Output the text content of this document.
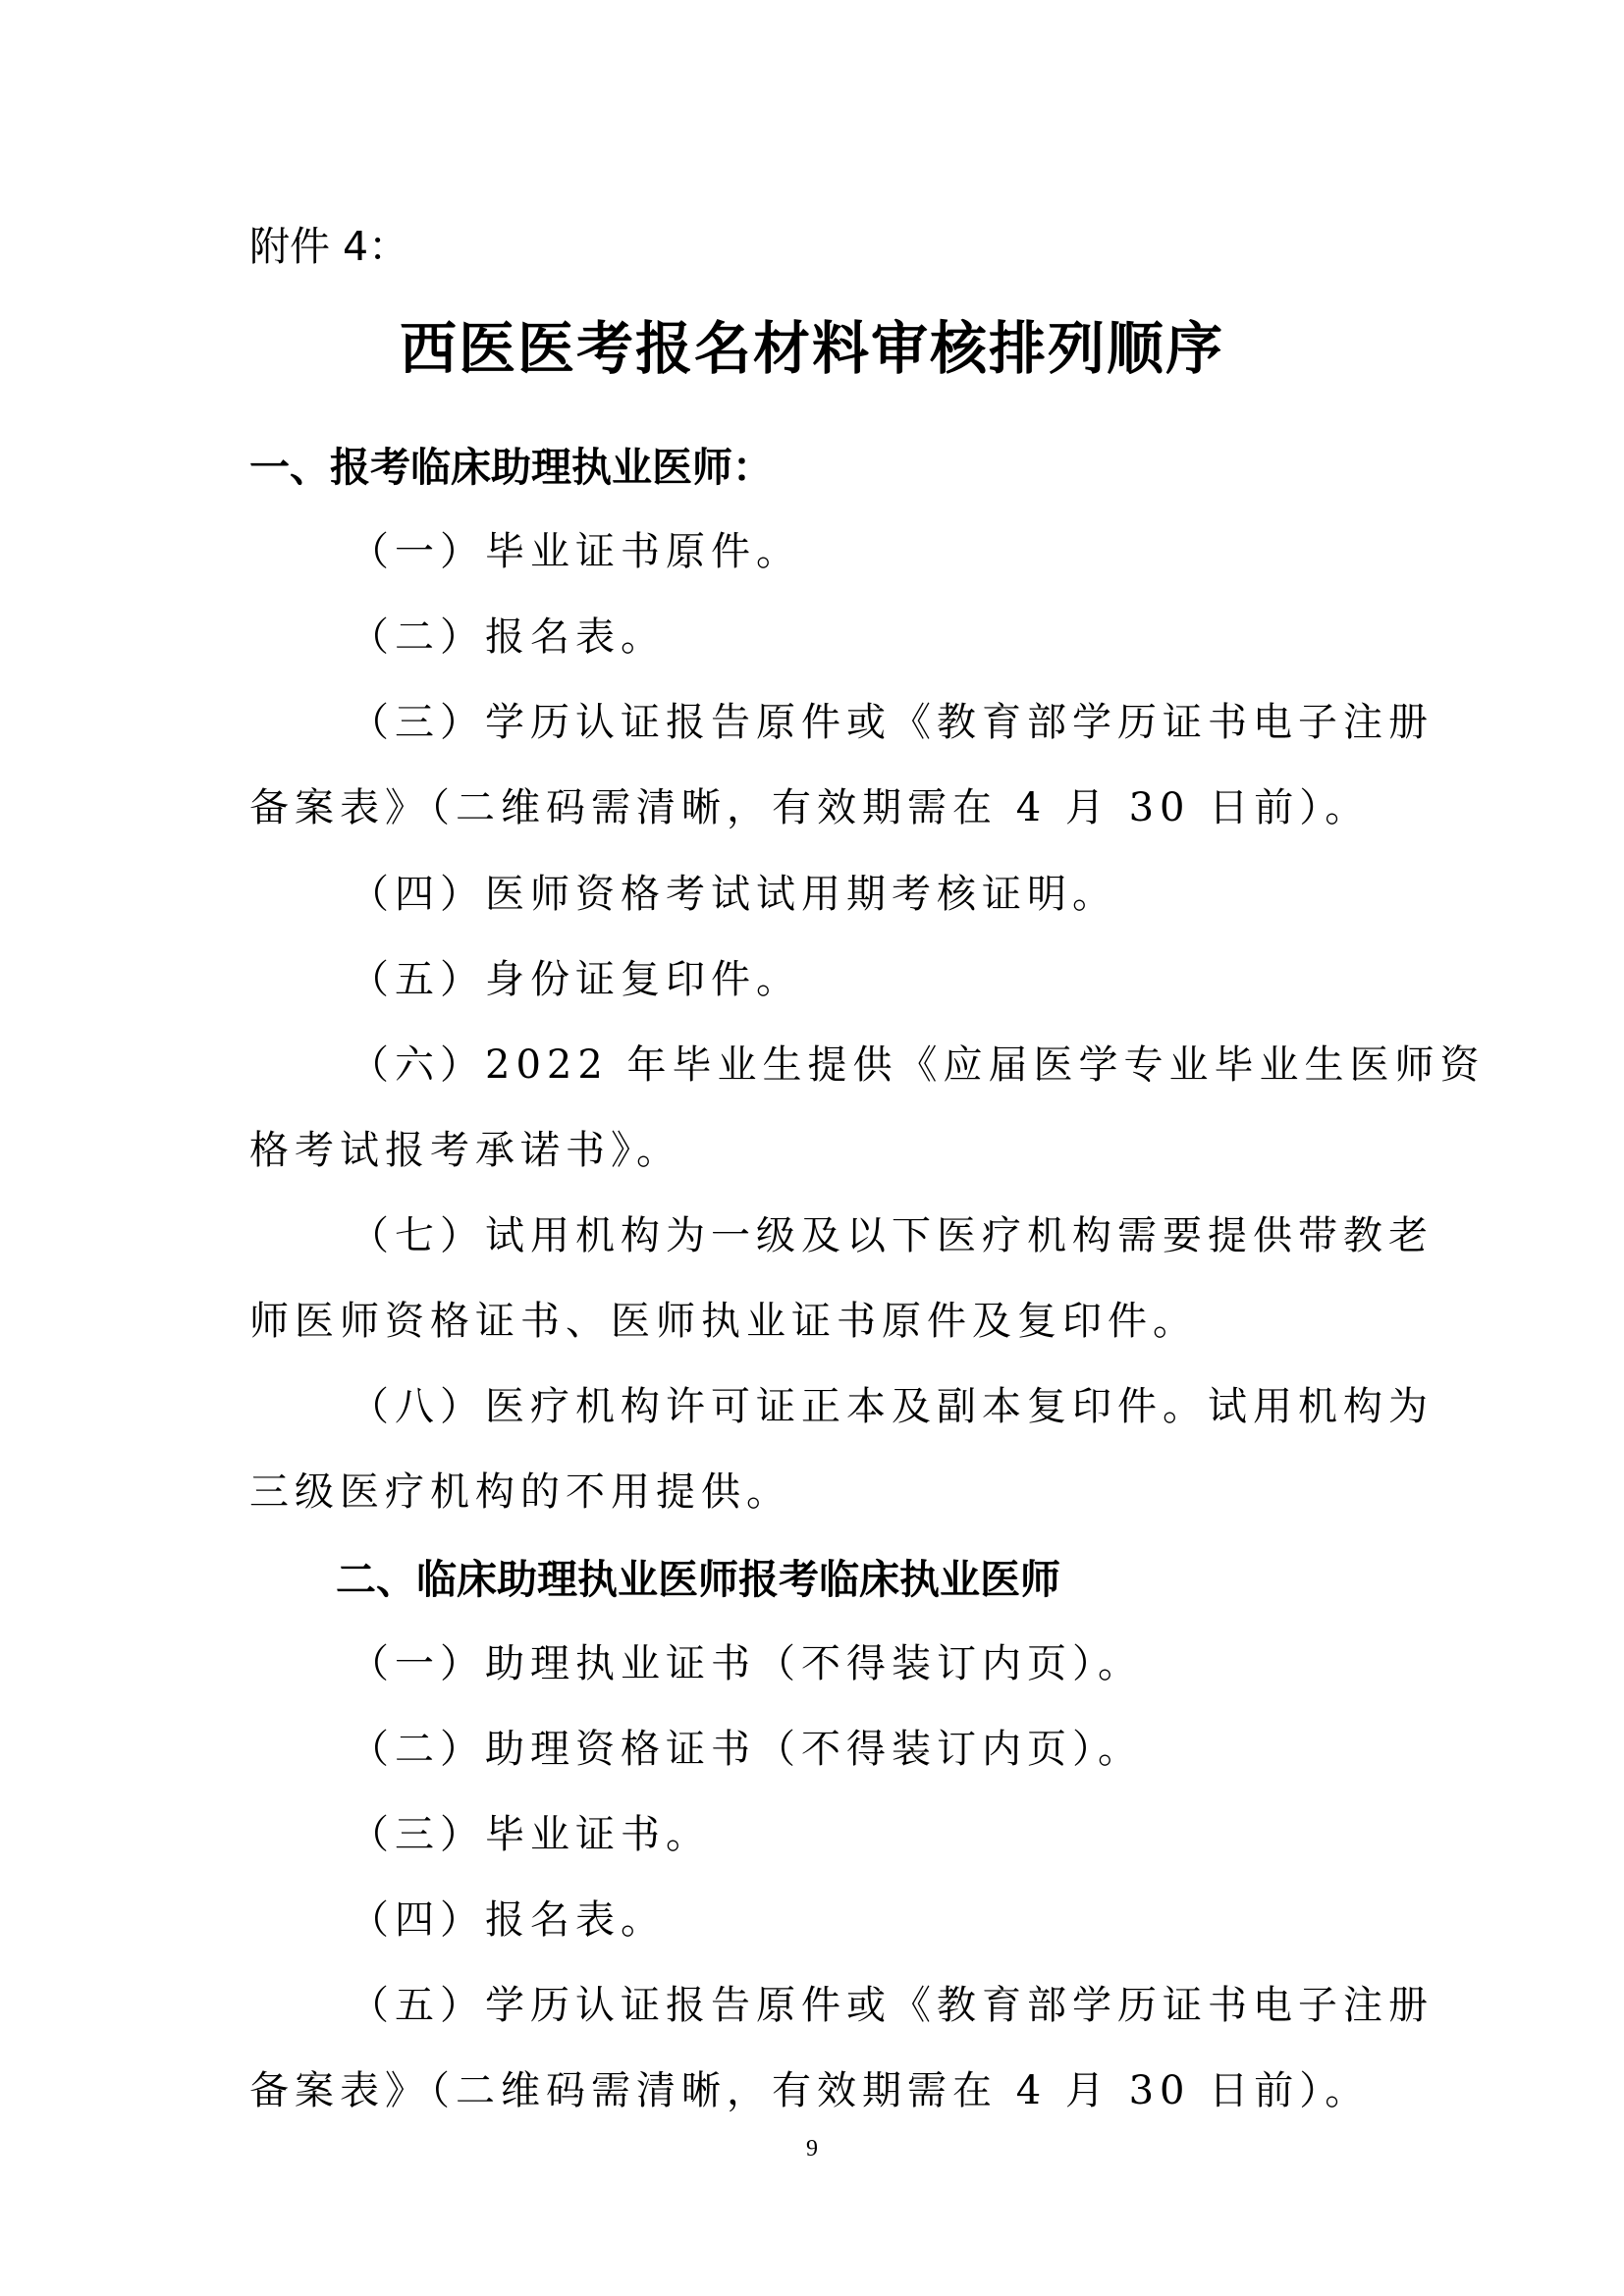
附件 4：
西医医考报名材料审核排列顺序
一、报考临床助理执业医师：
（一）毕业证书原件。
（二）报名表。
（三）学历认证报告原件或《教育部学历证书电子注册
备案表》（二维码需清晰，有效期需在 4 月 30 日前）。
（四）医师资格考试试用期考核证明。
（五）身份证复印件。
（六）2022 年毕业生提供《应届医学专业毕业生医师资
格考试报考承诺书》。
（七）试用机构为一级及以下医疗机构需要提供带教老
师医师资格证书、医师执业证书原件及复印件。
（八）医疗机构许可证正本及副本复印件。试用机构为
三级医疗机构的不用提供。
二、临床助理执业医师报考临床执业医师
（一）助理执业证书（不得装订内页）。
（二）助理资格证书（不得装订内页）。
（三）毕业证书。
（四）报名表。
（五）学历认证报告原件或《教育部学历证书电子注册
备案表》（二维码需清晰，有效期需在 4 月 30 日前）。
9
